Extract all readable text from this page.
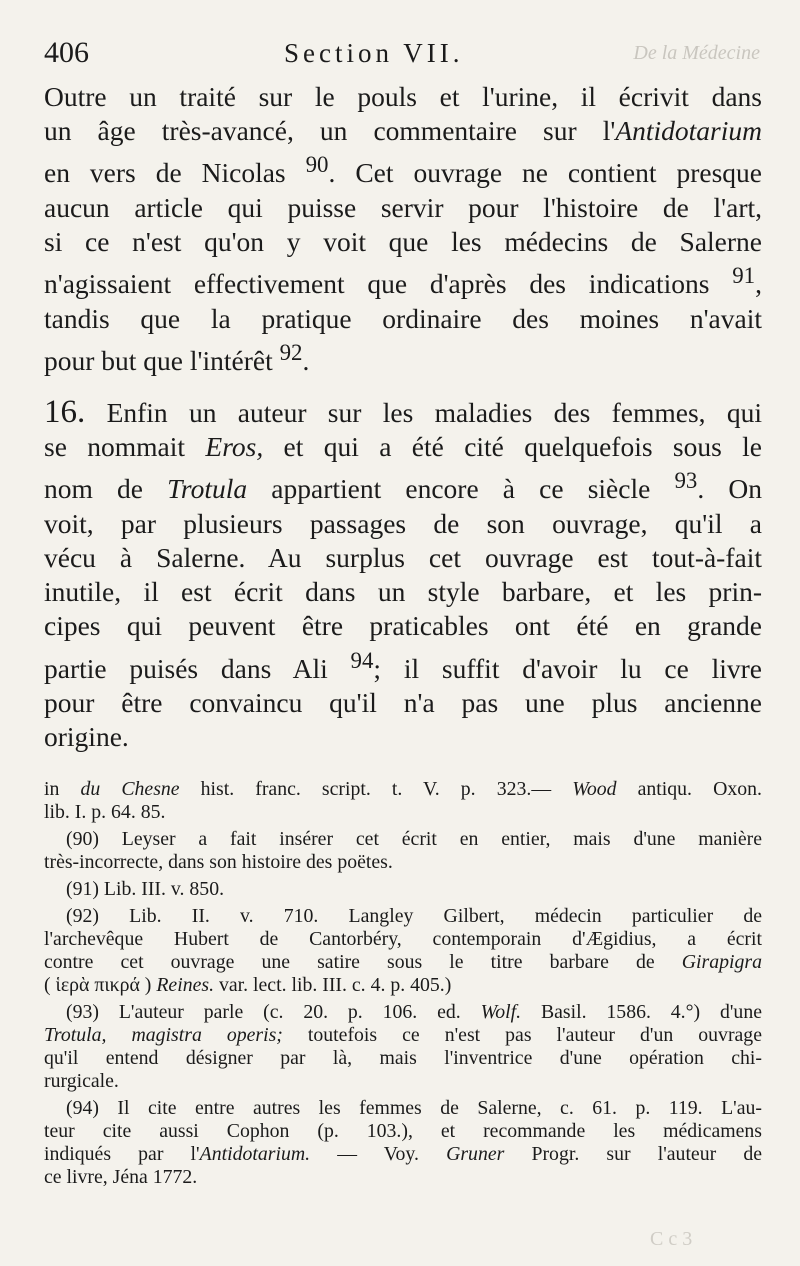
406	Section VII.	De la Médecine
Outre un traité sur le pouls et l'urine, il écrivit dans
un âge très-avancé, un commentaire sur l'Antidotarium
en vers de Nicolas $^{90}$. Cet ouvrage ne contient presque
aucun article qui puisse servir pour l'histoire de l'art,
si ce n'est qu'on y voit que les médecins de Salerne
n'agissaient effectivement que d'après des indications $^{91}$,
tandis que la pratique ordinaire des moines n'avait
pour but que l'intérêt $^{92}$.
16. Enfin un auteur sur les maladies des femmes, qui
se nommait Eros, et qui a été cité quelquefois sous le
nom de Trotula appartient encore à ce siècle $^{93}$. On
voit, par plusieurs passages de son ouvrage, qu'il a
vécu à Salerne. Au surplus cet ouvrage est tout-à-fait
inutile, il est écrit dans un style barbare, et les prin-
cipes qui peuvent être praticables ont été en grande
partie puisés dans Ali $^{94}$; il suffit d'avoir lu ce livre
pour être convaincu qu'il n'a pas une plus ancienne
origine.
in du Chesne hist. franc. script. t. V. p. 323.— Wood antiqu. Oxon.
lib. I. p. 64. 85.
(90) Leyser a fait insérer cet écrit en entier, mais d'une manière
très-incorrecte, dans son histoire des poëtes.
(91) Lib. III. v. 850.
(92) Lib. II. v. 710. Langley Gilbert, médecin particulier de
l'archevêque Hubert de Cantorbéry, contemporain d'Ægidius, a écrit
contre cet ouvrage une satire sous le titre barbare de Girapigra
( ἱερὰ πικρά ) Reines. var. lect. lib. III. c. 4. p. 405.)
(93) L'auteur parle (c. 20. p. 106. ed. Wolf. Basil. 1586. 4.°) d'une
Trotula, magistra operis; toutefois ce n'est pas l'auteur d'un ouvrage
qu'il entend désigner par là, mais l'inventrice d'une opération chi-
rurgicale.
(94) Il cite entre autres les femmes de Salerne, c. 61. p. 119. L'au-
teur cite aussi Cophon (p. 103.), et recommande les médicamens
indiqués par l'Antidotarium. — Voy. Gruner Progr. sur l'auteur de
ce livre, Jéna 1772.
C c 3
